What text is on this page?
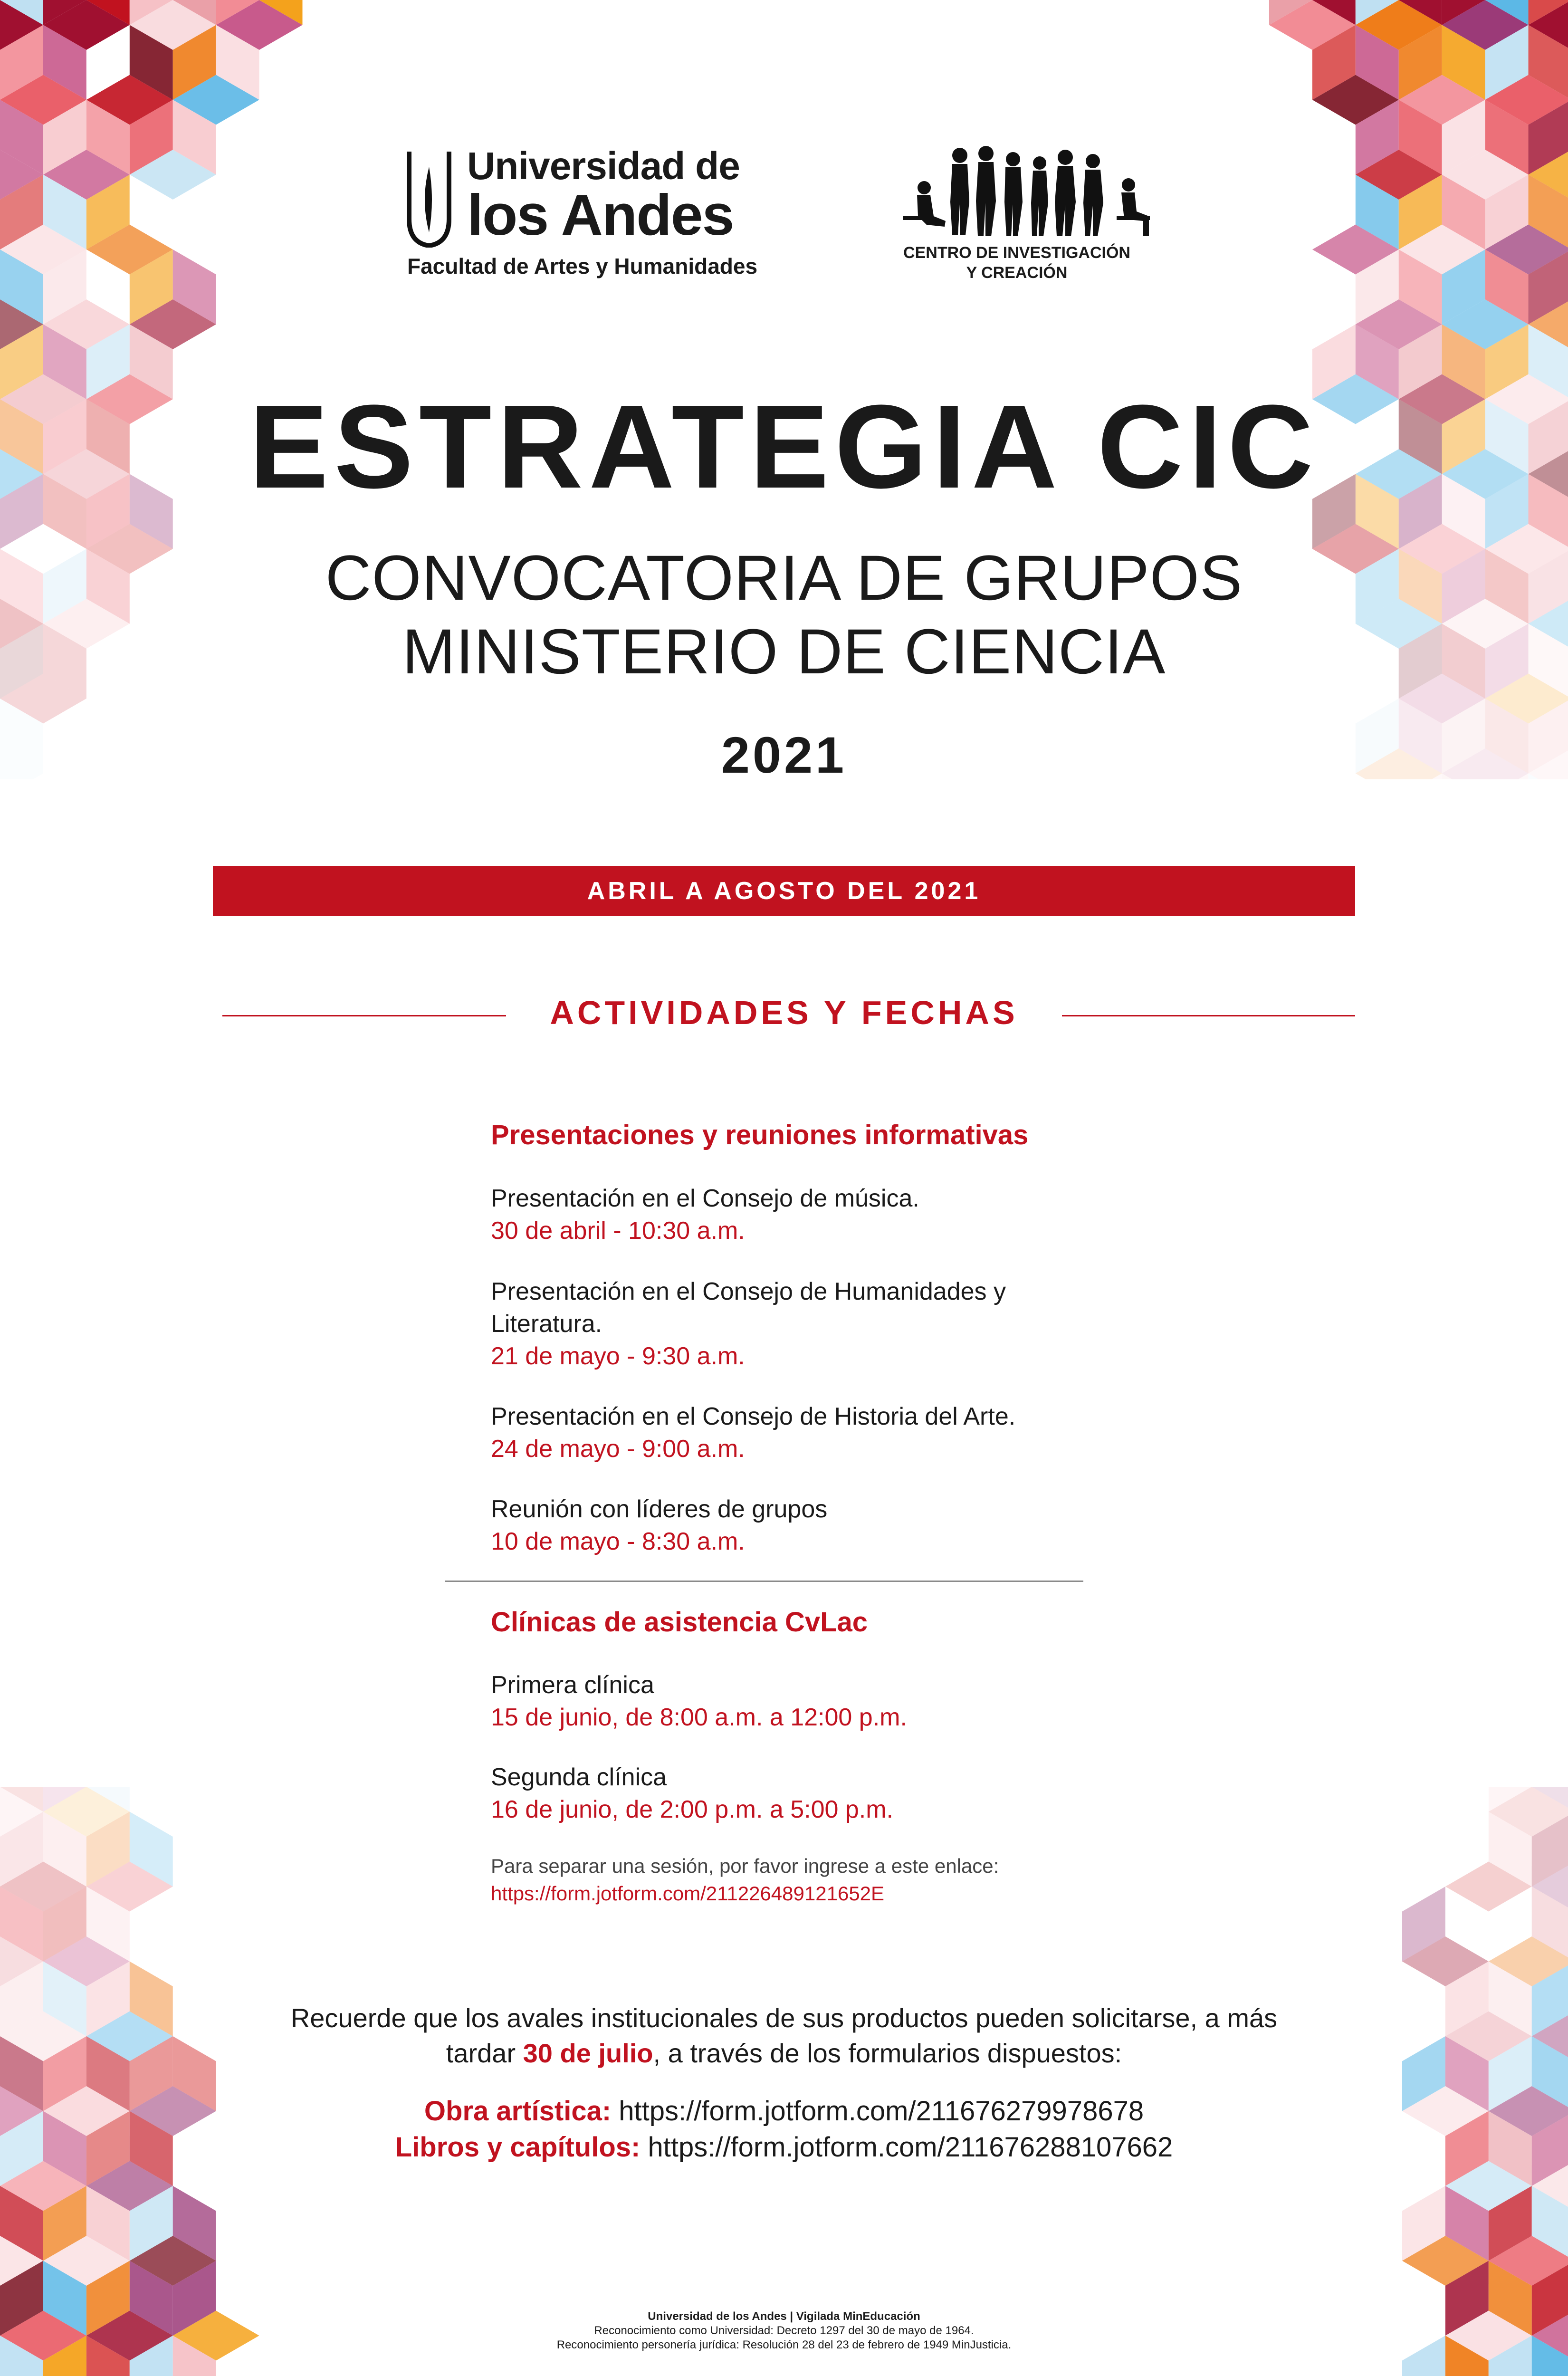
Universidad de
los Andes
Facultad de Artes y Humanidades
CENTRO DE INVESTIGACIÓN
Y CREACIÓN
ESTRATEGIA CIC
CONVOCATORIA DE GRUPOS
MINISTERIO DE CIENCIA
2021
ABRIL A AGOSTO DEL 2021
ACTIVIDADES Y FECHAS
Presentaciones y reuniones informativas
Presentación en el Consejo de música.
30 de abril - 10:30 a.m.
Presentación en el Consejo de Humanidades y Literatura.
21 de mayo - 9:30 a.m.
Presentación en el Consejo de Historia del Arte.
24 de mayo - 9:00 a.m.
Reunión con líderes de grupos
10 de mayo - 8:30 a.m.
Clínicas de asistencia CvLac
Primera clínica
15 de junio, de 8:00 a.m. a 12:00 p.m.
Segunda clínica
16 de junio, de 2:00 p.m. a 5:00 p.m.
Para separar una sesión, por favor ingrese a este enlace:
https://form.jotform.com/211226489121652E
Recuerde que los avales institucionales de sus productos pueden solicitarse, a más
tardar 30 de julio, a través de los formularios dispuestos:
Obra artística: https://form.jotform.com/211676279978678
Libros y capítulos: https://form.jotform.com/211676288107662
Universidad de los Andes | Vigilada MinEducación
Reconocimiento como Universidad: Decreto 1297 del 30 de mayo de 1964.
Reconocimiento personería jurídica: Resolución 28 del 23 de febrero de 1949 MinJusticia.
